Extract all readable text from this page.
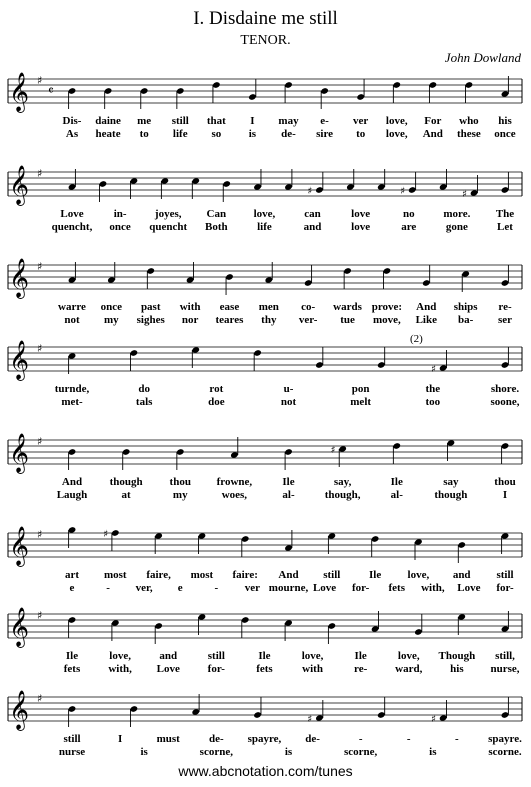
I. Disdaine me still
TENOR.
John Dowland
𝄞 ♯
𝄴
Dis- daine me still that I may e- ver love, For who his
As heate to life so	is de- sire to love, And these once
𝄞 ♯
♯	♯	♯
Love	in-	joyes, Can love,	can	love	no	more. The
quencht, once quencht Both	life	and	love	are	gone	Let
𝄞 ♯
warre once past with ease men co- wards prove: And ships re-
not my sighes nor teares thy ver- tue move, Like ba- ser
𝄞 ♯
♯
turnde,	do	rot	u-	pon	the	shore.
met-	tals	doe	not	melt	too	soone,
(2)
𝄞 ♯
♯
And	though thou frowne,	Ile	say,	Ile	say	thou
Laugh	at	my	woes,	al-	though,	al-	though	I
𝄞 ♯	♯
art most faire, most faire: And still	Ile love, and still
e	- ver, e	- ver mourne, Love for- fets with, Love for-
𝄞 ♯
Ile	love,	and	still	Ile	love,	Ile	love, Though still,
fets	with, Love	for-	fets	with	re-	ward,	his nurse,
𝄞 ♯
♯	♯
still	I	must	de- spayre, de-	-	-	-	spayre.
nurse	is	scorne,	is	scorne,	is	scorne.
www.abcnotation.com/tunes
